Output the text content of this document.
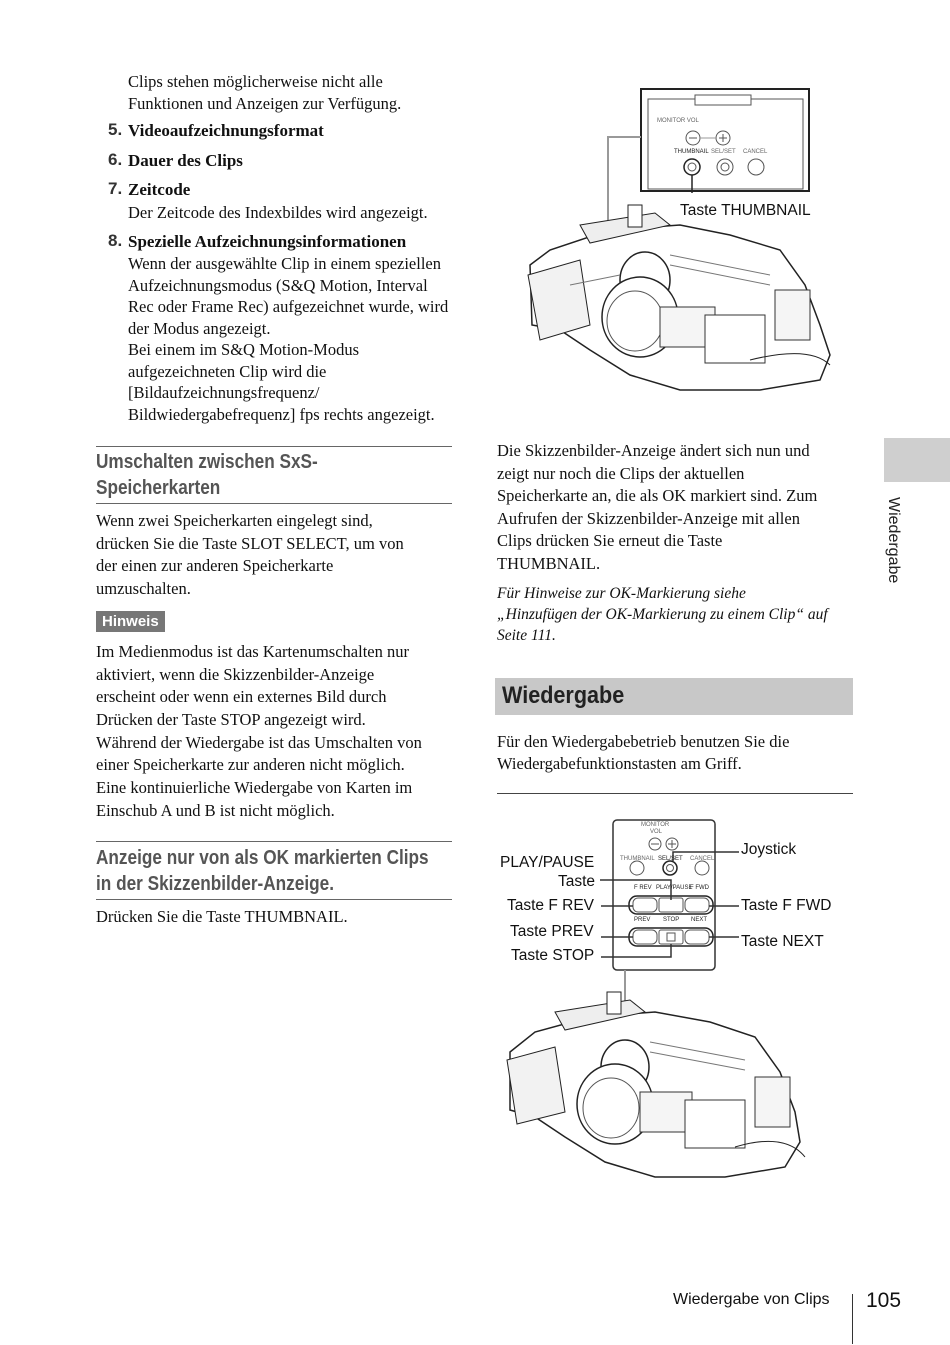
Clips stehen möglicherweise nicht alle Funktionen und Anzeigen zur Verfügung.
5. Videoaufzeichnungsformat
6. Dauer des Clips
7. Zeitcode
Der Zeitcode des Indexbildes wird angezeigt.
8. Spezielle Aufzeichnungsinformationen
Wenn der ausgewählte Clip in einem speziellen
Aufzeichnungsmodus (S&Q Motion, Interval
Rec oder Frame Rec) aufgezeichnet wurde, wird
der Modus angezeigt.
Bei einem im S&Q Motion-Modus
aufgezeichneten Clip wird die
[Bildaufzeichnungsfrequenz/
Bildwiedergabefrequenz] fps rechts angezeigt.
Umschalten zwischen SxS-
Speicherkarten
Wenn zwei Speicherkarten eingelegt sind,
drücken Sie die Taste SLOT SELECT, um von
der einen zur anderen Speicherkarte
umzuschalten.
Hinweis
Im Medienmodus ist das Kartenumschalten nur
aktiviert, wenn die Skizzenbilder-Anzeige
erscheint oder wenn ein externes Bild durch
Drücken der Taste STOP angezeigt wird.
Während der Wiedergabe ist das Umschalten von
einer Speicherkarte zur anderen nicht möglich.
Eine kontinuierliche Wiedergabe von Karten im
Einschub A und B ist nicht möglich.
Anzeige nur von als OK markierten Clips
in der Skizzenbilder-Anzeige.
Drücken Sie die Taste THUMBNAIL.
MONITOR VOL
THUMBNAIL SEL/SET CANCEL
Taste THUMBNAIL
Die Skizzenbilder-Anzeige ändert sich nun und
zeigt nur noch die Clips der aktuellen
Speicherkarte an, die als OK markiert sind. Zum
Aufrufen der Skizzenbilder-Anzeige mit allen
Clips drücken Sie erneut die Taste
THUMBNAIL.
Für Hinweise zur OK-Markierung siehe
„Hinzufügen der OK-Markierung zu einem Clip“ auf
Seite 111.
Wiedergabe
Für den Wiedergabebetrieb benutzen Sie die
Wiedergabefunktionstasten am Griff.
MONITOR
VOL
THUMBNAIL SEL/SET CANCEL
F REV PLAY/PAUSE
F FWD
PREV STOP NEXT
PLAY/PAUSE
Taste
Taste F REV
Taste PREV
Taste STOP
Joystick
Taste F FWD
Taste NEXT
Wiedergabe
Wiedergabe von Clips 105
